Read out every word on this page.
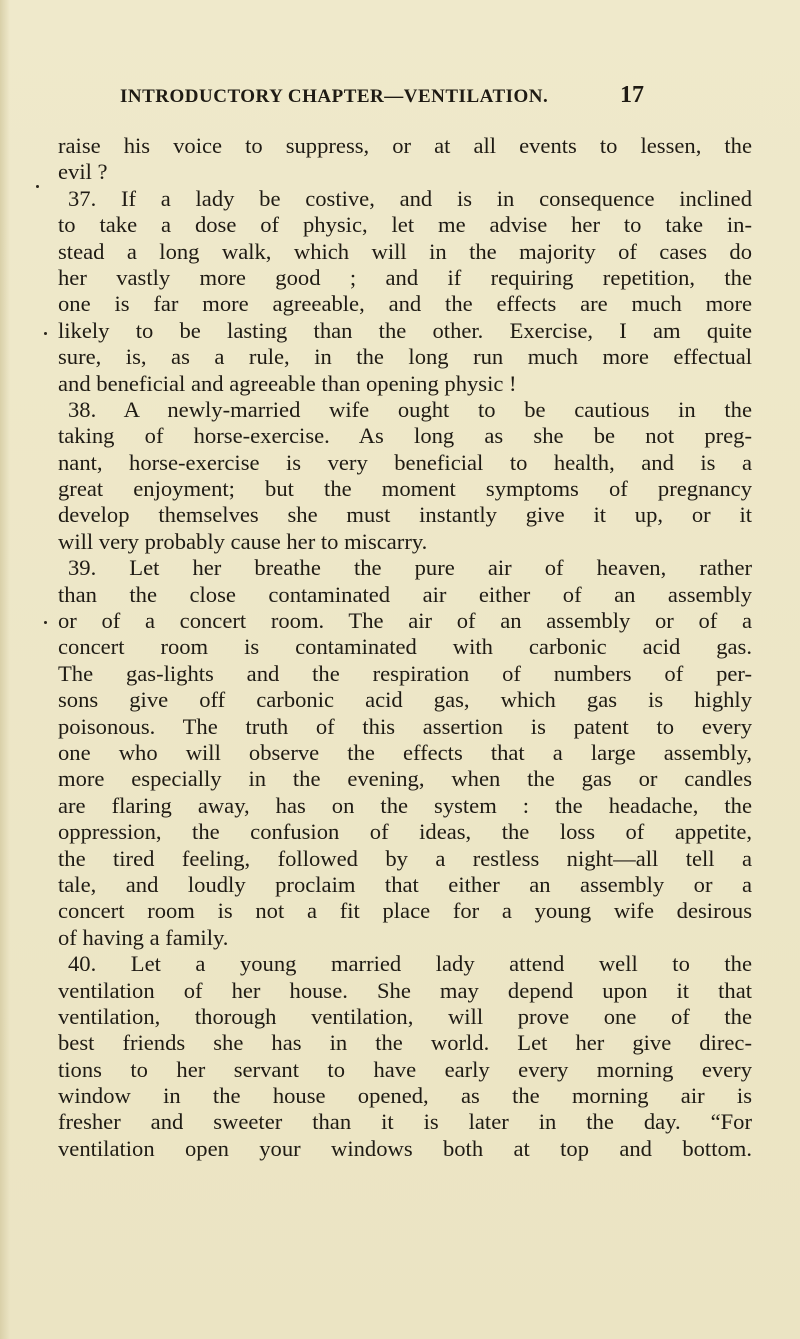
INTRODUCTORY CHAPTER—VENTILATION.	17
raise his voice to suppress, or at all events to lessen, the
evil ?
37. If a lady be costive, and is in consequence inclined
to take a dose of physic, let me advise her to take in-
stead a long walk, which will in the majority of cases do
her vastly more good ; and if requiring repetition, the
one is far more agreeable, and the effects are much more
likely to be lasting than the other. Exercise, I am quite
sure, is, as a rule, in the long run much more effectual
and beneficial and agreeable than opening physic !
38. A newly-married wife ought to be cautious in the
taking of horse-exercise. As long as she be not preg-
nant, horse-exercise is very beneficial to health, and is a
great enjoyment; but the moment symptoms of pregnancy
develop themselves she must instantly give it up, or it
will very probably cause her to miscarry.
39. Let her breathe the pure air of heaven, rather
than the close contaminated air either of an assembly
or of a concert room. The air of an assembly or of a
concert room is contaminated with carbonic acid gas.
The gas-lights and the respiration of numbers of per-
sons give off carbonic acid gas, which gas is highly
poisonous. The truth of this assertion is patent to every
one who will observe the effects that a large assembly,
more especially in the evening, when the gas or candles
are flaring away, has on the system : the headache, the
oppression, the confusion of ideas, the loss of appetite,
the tired feeling, followed by a restless night—all tell a
tale, and loudly proclaim that either an assembly or a
concert room is not a fit place for a young wife desirous
of having a family.
40. Let a young married lady attend well to the
ventilation of her house. She may depend upon it that
ventilation, thorough ventilation, will prove one of the
best friends she has in the world. Let her give direc-
tions to her servant to have early every morning every
window in the house opened, as the morning air is
fresher and sweeter than it is later in the day. “For
ventilation open your windows both at top and bottom.
